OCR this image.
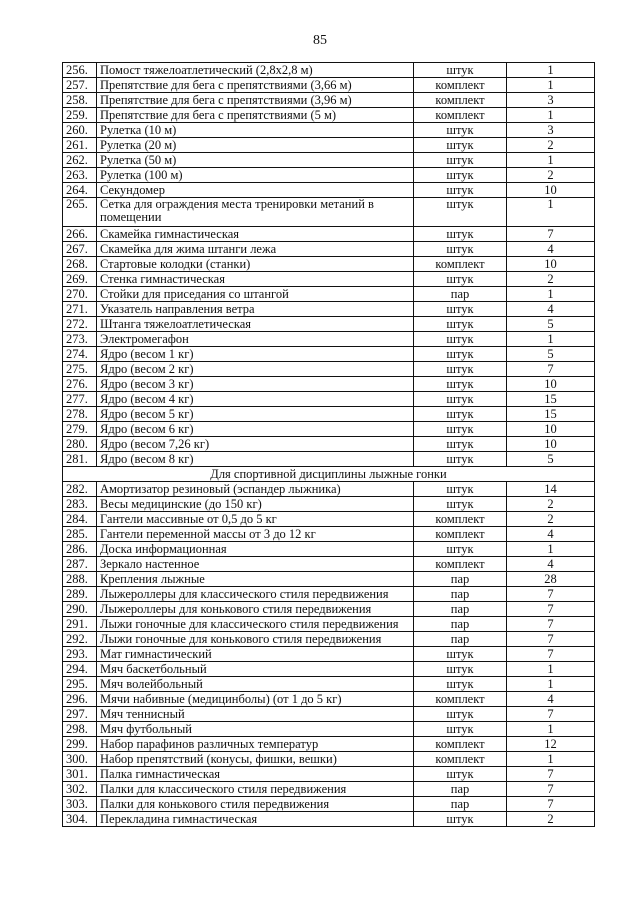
85
256.	Помост тяжелоатлетический (2,8х2,8 м)	штук	1
257.	Препятствие для бега с препятствиями (3,66 м)	комплект	1
258.	Препятствие для бега с препятствиями (3,96 м)	комплект	3
259.	Препятствие для бега с препятствиями (5 м)	комплект	1
260.	Рулетка (10 м)	штук	3
261.	Рулетка (20 м)	штук	2
262.	Рулетка (50 м)	штук	1
263.	Рулетка (100 м)	штук	2
264.	Секундомер	штук	10
265.	Сетка для ограждения места тренировки метаний в помещении	штук	1
266.	Скамейка гимнастическая	штук	7
267.	Скамейка для жима штанги лежа	штук	4
268.	Стартовые колодки (станки)	комплект	10
269.	Стенка гимнастическая	штук	2
270.	Стойки для приседания со штангой	пар	1
271.	Указатель направления ветра	штук	4
272.	Штанга тяжелоатлетическая	штук	5
273.	Электромегафон	штук	1
274.	Ядро (весом 1 кг)	штук	5
275.	Ядро (весом 2 кг)	штук	7
276.	Ядро (весом 3 кг)	штук	10
277.	Ядро (весом 4 кг)	штук	15
278.	Ядро (весом 5 кг)	штук	15
279.	Ядро (весом 6 кг)	штук	10
280.	Ядро (весом 7,26 кг)	штук	10
281.	Ядро (весом 8 кг)	штук	5
Для спортивной дисциплины лыжные гонки			
282.	Амортизатор резиновый (эспандер лыжника)	штук	14
283.	Весы медицинские (до 150 кг)	штук	2
284.	Гантели массивные от 0,5 до 5 кг	комплект	2
285.	Гантели переменной массы от 3 до 12 кг	комплект	4
286.	Доска информационная	штук	1
287.	Зеркало настенное	комплект	4
288.	Крепления лыжные	пар	28
289.	Лыжероллеры для классического стиля передвижения	пар	7
290.	Лыжероллеры для конькового стиля передвижения	пар	7
291.	Лыжи гоночные для классического стиля передвижения	пар	7
292.	Лыжи гоночные для конькового стиля передвижения	пар	7
293.	Мат гимнастический	штук	7
294.	Мяч баскетбольный	штук	1
295.	Мяч волейбольный	штук	1
296.	Мячи набивные (медицинболы) (от 1 до 5 кг)	комплект	4
297.	Мяч теннисный	штук	7
298.	Мяч футбольный	штук	1
299.	Набор парафинов различных температур	комплект	12
300.	Набор препятствий (конусы, фишки, вешки)	комплект	1
301.	Палка гимнастическая	штук	7
302.	Палки для классического стиля передвижения	пар	7
303.	Палки для конькового стиля передвижения	пар	7
304.	Перекладина гимнастическая	штук	2
